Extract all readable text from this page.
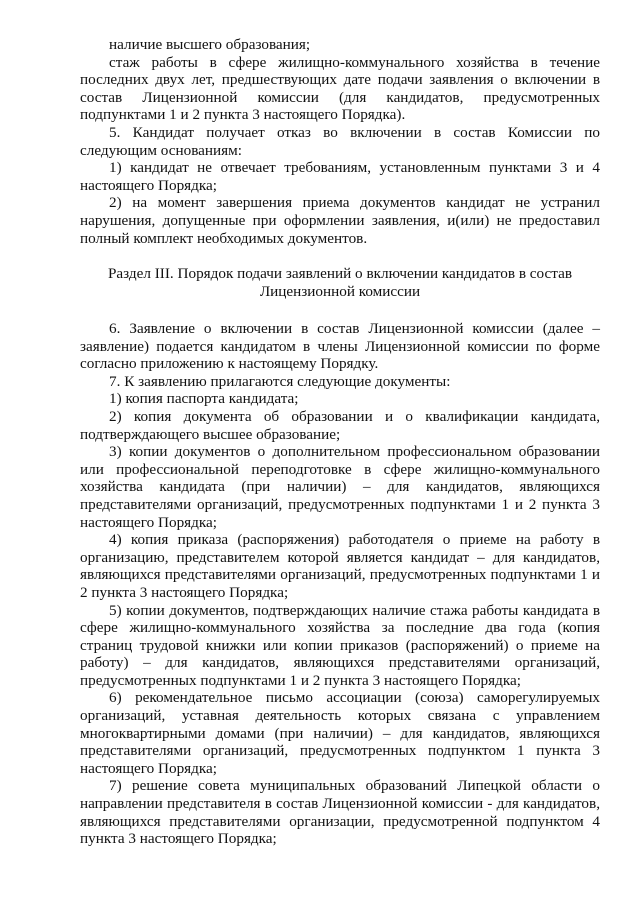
наличие высшего образования;

стаж работы в сфере жилищно-коммунального хозяйства в течение последних двух лет, предшествующих дате подачи заявления о включении в состав Лицензионной комиссии (для кандидатов, предусмотренных подпунктами 1 и 2 пункта 3 настоящего Порядка).

5. Кандидат получает отказ во включении в состав Комиссии по следующим основаниям:

1) кандидат не отвечает требованиям, установленным пунктами 3 и 4 настоящего Порядка;

2) на момент завершения приема документов кандидат не устранил нарушения, допущенные при оформлении заявления, и(или) не предоставил полный комплект необходимых документов.

Раздел III. Порядок подачи заявлений о включении кандидатов в состав

Лицензионной комиссии

6. Заявление о включении в состав Лицензионной комиссии (далее – заявление) подается кандидатом в члены Лицензионной комиссии по форме согласно приложению к настоящему Порядку.

7. К заявлению прилагаются следующие документы:

1) копия паспорта кандидата;

2) копия документа об образовании и о квалификации кандидата, подтверждающего высшее образование;

3) копии документов о дополнительном профессиональном образовании или профессиональной переподготовке в сфере жилищно-коммунального хозяйства кандидата (при наличии) – для кандидатов, являющихся представителями организаций, предусмотренных подпунктами 1 и 2 пункта 3 настоящего Порядка;

4) копия приказа (распоряжения) работодателя о приеме на работу в организацию, представителем которой является кандидат – для кандидатов, являющихся представителями организаций, предусмотренных подпунктами 1 и 2 пункта 3 настоящего Порядка;

5) копии документов, подтверждающих наличие стажа работы кандидата в сфере жилищно-коммунального хозяйства за последние два года (копия страниц трудовой книжки или копии приказов (распоряжений) о приеме на работу) – для кандидатов, являющихся представителями организаций, предусмотренных подпунктами 1 и 2 пункта 3 настоящего Порядка;

6) рекомендательное письмо ассоциации (союза) саморегулируемых организаций, уставная деятельность которых связана с управлением многоквартирными домами (при наличии) – для кандидатов, являющихся представителями организаций, предусмотренных подпунктом 1 пункта 3 настоящего Порядка;

7) решение совета муниципальных образований Липецкой области о направлении представителя в состав Лицензионной комиссии - для кандидатов, являющихся представителями организации, предусмотренной подпунктом 4 пункта 3 настоящего Порядка;
